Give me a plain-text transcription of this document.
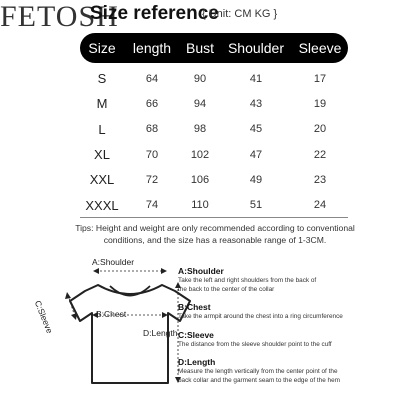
FETOSH
Size reference
{ Unit: CM KG }
Size	length	Bust Shoulder	Sleeve
S	64	90	41	17
M	66	94	43	19
L	68	98	45	20
XL	70	102	47	22
XXL	72	106	49	23
XXXL	74	110	51	24
Tips: Height and weight are only recommended according to conventional
conditions, and the size has a reasonable range of 1-3CM.
A:Shoulder
B:Chest
C:Sleeve	D:Length
A:Shoulder
Take the left and right shoulders from the back of
the back to the center of the collar
B:Chest
Take the armpit around the chest into a ring circumference
C:Sleeve
The distance from the sleeve shoulder point to the cuff
D:Length
Measure the length vertically from the center point of the
back collar and the garment seam to the edge of the hem
